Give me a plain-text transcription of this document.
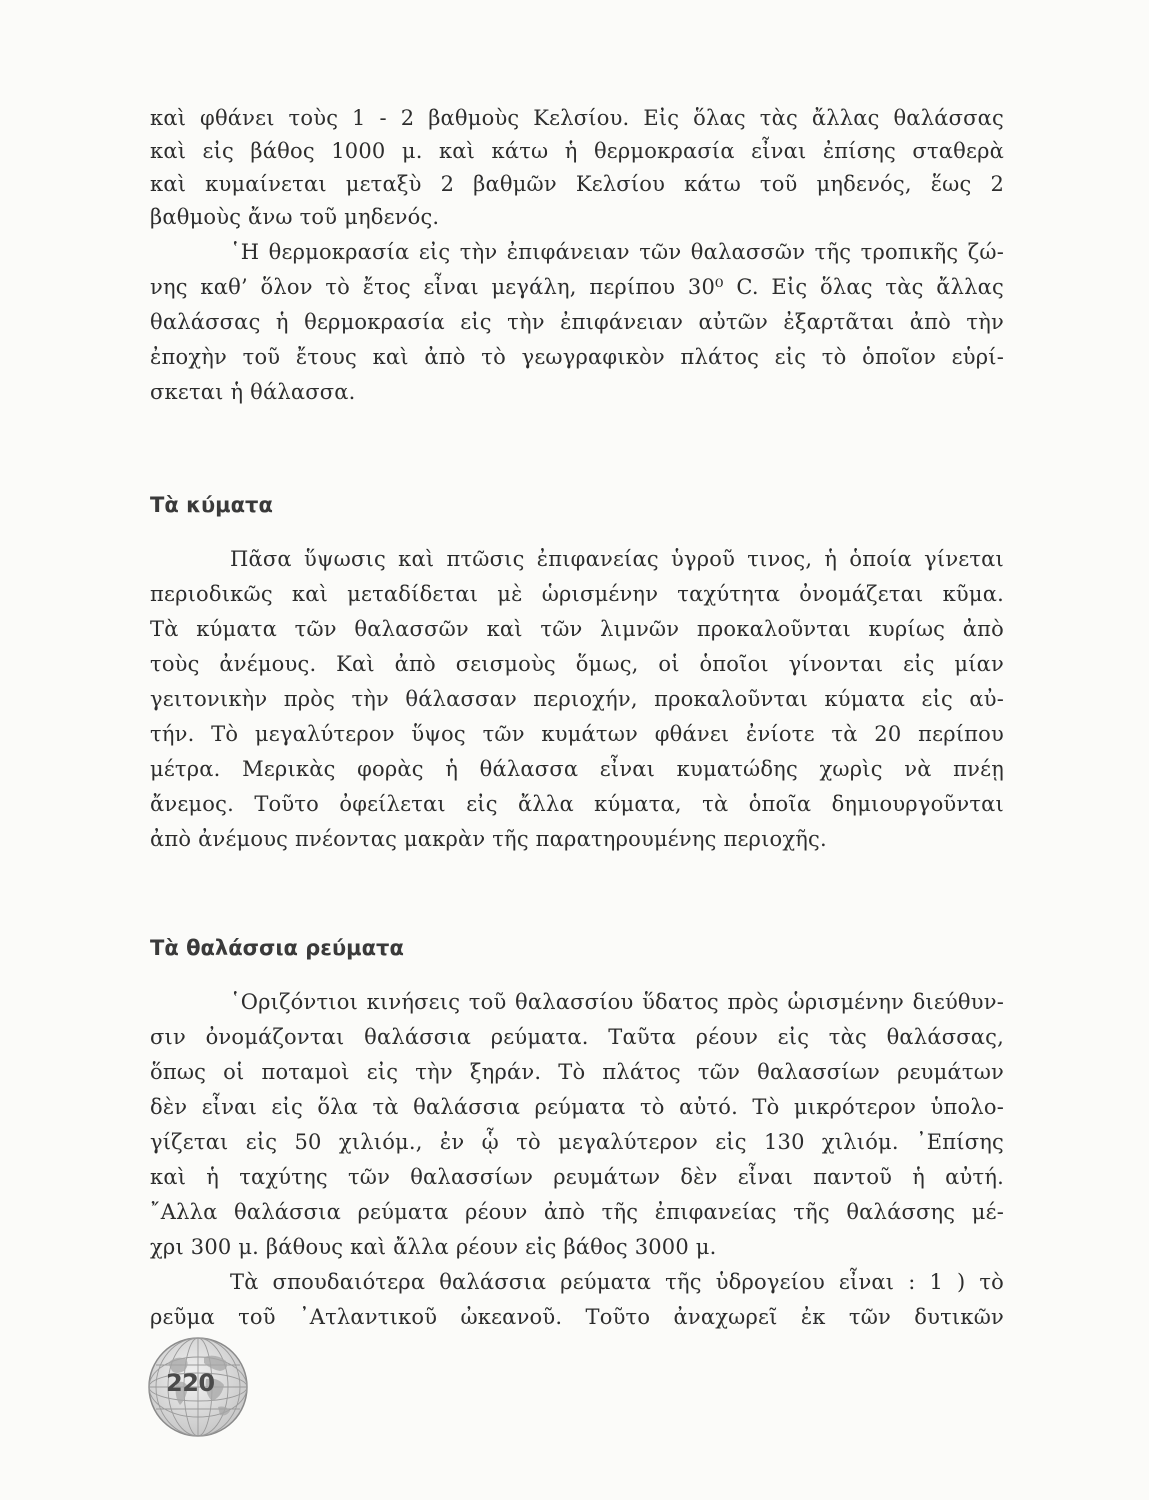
καὶ φθάνει τοὺς 1 - 2 βαθμοὺς Κελσίου. Εἰς ὅλας τὰς ἄλλας θαλάσσας
καὶ εἰς βάθος 1000 μ. καὶ κάτω ἡ θερμοκρασία εἶναι ἐπίσης σταθερὰ
καὶ κυμαίνεται μεταξὺ 2 βαθμῶν Κελσίου κάτω τοῦ μηδενός, ἕως 2
βαθμοὺς ἄνω τοῦ μηδενός.
῾Η θερμοκρασία εἰς τὴν ἐπιφάνειαν τῶν θαλασσῶν τῆς τροπικῆς ζώ-
νης καθ’ ὅλον τὸ ἔτος εἶναι μεγάλη, περίπου 30⁰ C. Εἰς ὅλας τὰς ἄλλας
θαλάσσας ἡ θερμοκρασία εἰς τὴν ἐπιφάνειαν αὐτῶν ἐξαρτᾶται ἀπὸ τὴν
ἐποχὴν τοῦ ἔτους καὶ ἀπὸ τὸ γεωγραφικὸν πλάτος εἰς τὸ ὁποῖον εὑρί-
σκεται ἡ θάλασσα.
Τὰ κύματα
Πᾶσα ὕψωσις καὶ πτῶσις ἐπιφανείας ὑγροῦ τινος, ἡ ὁποία γίνεται
περιοδικῶς καὶ μεταδίδεται μὲ ὡρισμένην ταχύτητα ὀνομάζεται κῦμα.
Τὰ κύματα τῶν θαλασσῶν καὶ τῶν λιμνῶν προκαλοῦνται κυρίως ἀπὸ
τοὺς ἀνέμους. Καὶ ἀπὸ σεισμοὺς ὅμως, οἱ ὁποῖοι γίνονται εἰς μίαν
γειτονικὴν πρὸς τὴν θάλασσαν περιοχήν, προκαλοῦνται κύματα εἰς αὐ-
τήν. Τὸ μεγαλύτερον ὕψος τῶν κυμάτων φθάνει ἐνίοτε τὰ 20 περίπου
μέτρα. Μερικὰς φορὰς ἡ θάλασσα εἶναι κυματώδης χωρὶς νὰ πνέῃ
ἄνεμος. Τοῦτο ὀφείλεται εἰς ἄλλα κύματα, τὰ ὁποῖα δημιουργοῦνται
ἀπὸ ἀνέμους πνέοντας μακρὰν τῆς παρατηρουμένης περιοχῆς.
Τὰ θαλάσσια ρεύματα
῾Οριζόντιοι κινήσεις τοῦ θαλασσίου ὕδατος πρὸς ὡρισμένην διεύθυν-
σιν ὀνομάζονται θαλάσσια ρεύματα. Ταῦτα ρέουν εἰς τὰς θαλάσσας,
ὅπως οἱ ποταμοὶ εἰς τὴν ξηράν. Τὸ πλάτος τῶν θαλασσίων ρευμάτων
δὲν εἶναι εἰς ὅλα τὰ θαλάσσια ρεύματα τὸ αὐτό. Τὸ μικρότερον ὑπολο-
γίζεται εἰς 50 χιλιόμ., ἐν ᾧ τὸ μεγαλύτερον εἰς 130 χιλιόμ. ᾿Επίσης
καὶ ἡ ταχύτης τῶν θαλασσίων ρευμάτων δὲν εἶναι παντοῦ ἡ αὐτή.
῎Αλλα θαλάσσια ρεύματα ρέουν ἀπὸ τῆς ἐπιφανείας τῆς θαλάσσης μέ-
χρι 300 μ. βάθους καὶ ἄλλα ρέουν εἰς βάθος 3000 μ.
Τὰ σπουδαιότερα θαλάσσια ρεύματα τῆς ὑδρογείου εἶναι : 1 ) τὸ
ρεῦμα τοῦ ᾿Ατλαντικοῦ ὠκεανοῦ. Τοῦτο ἀναχωρεῖ ἐκ τῶν δυτικῶν
220
